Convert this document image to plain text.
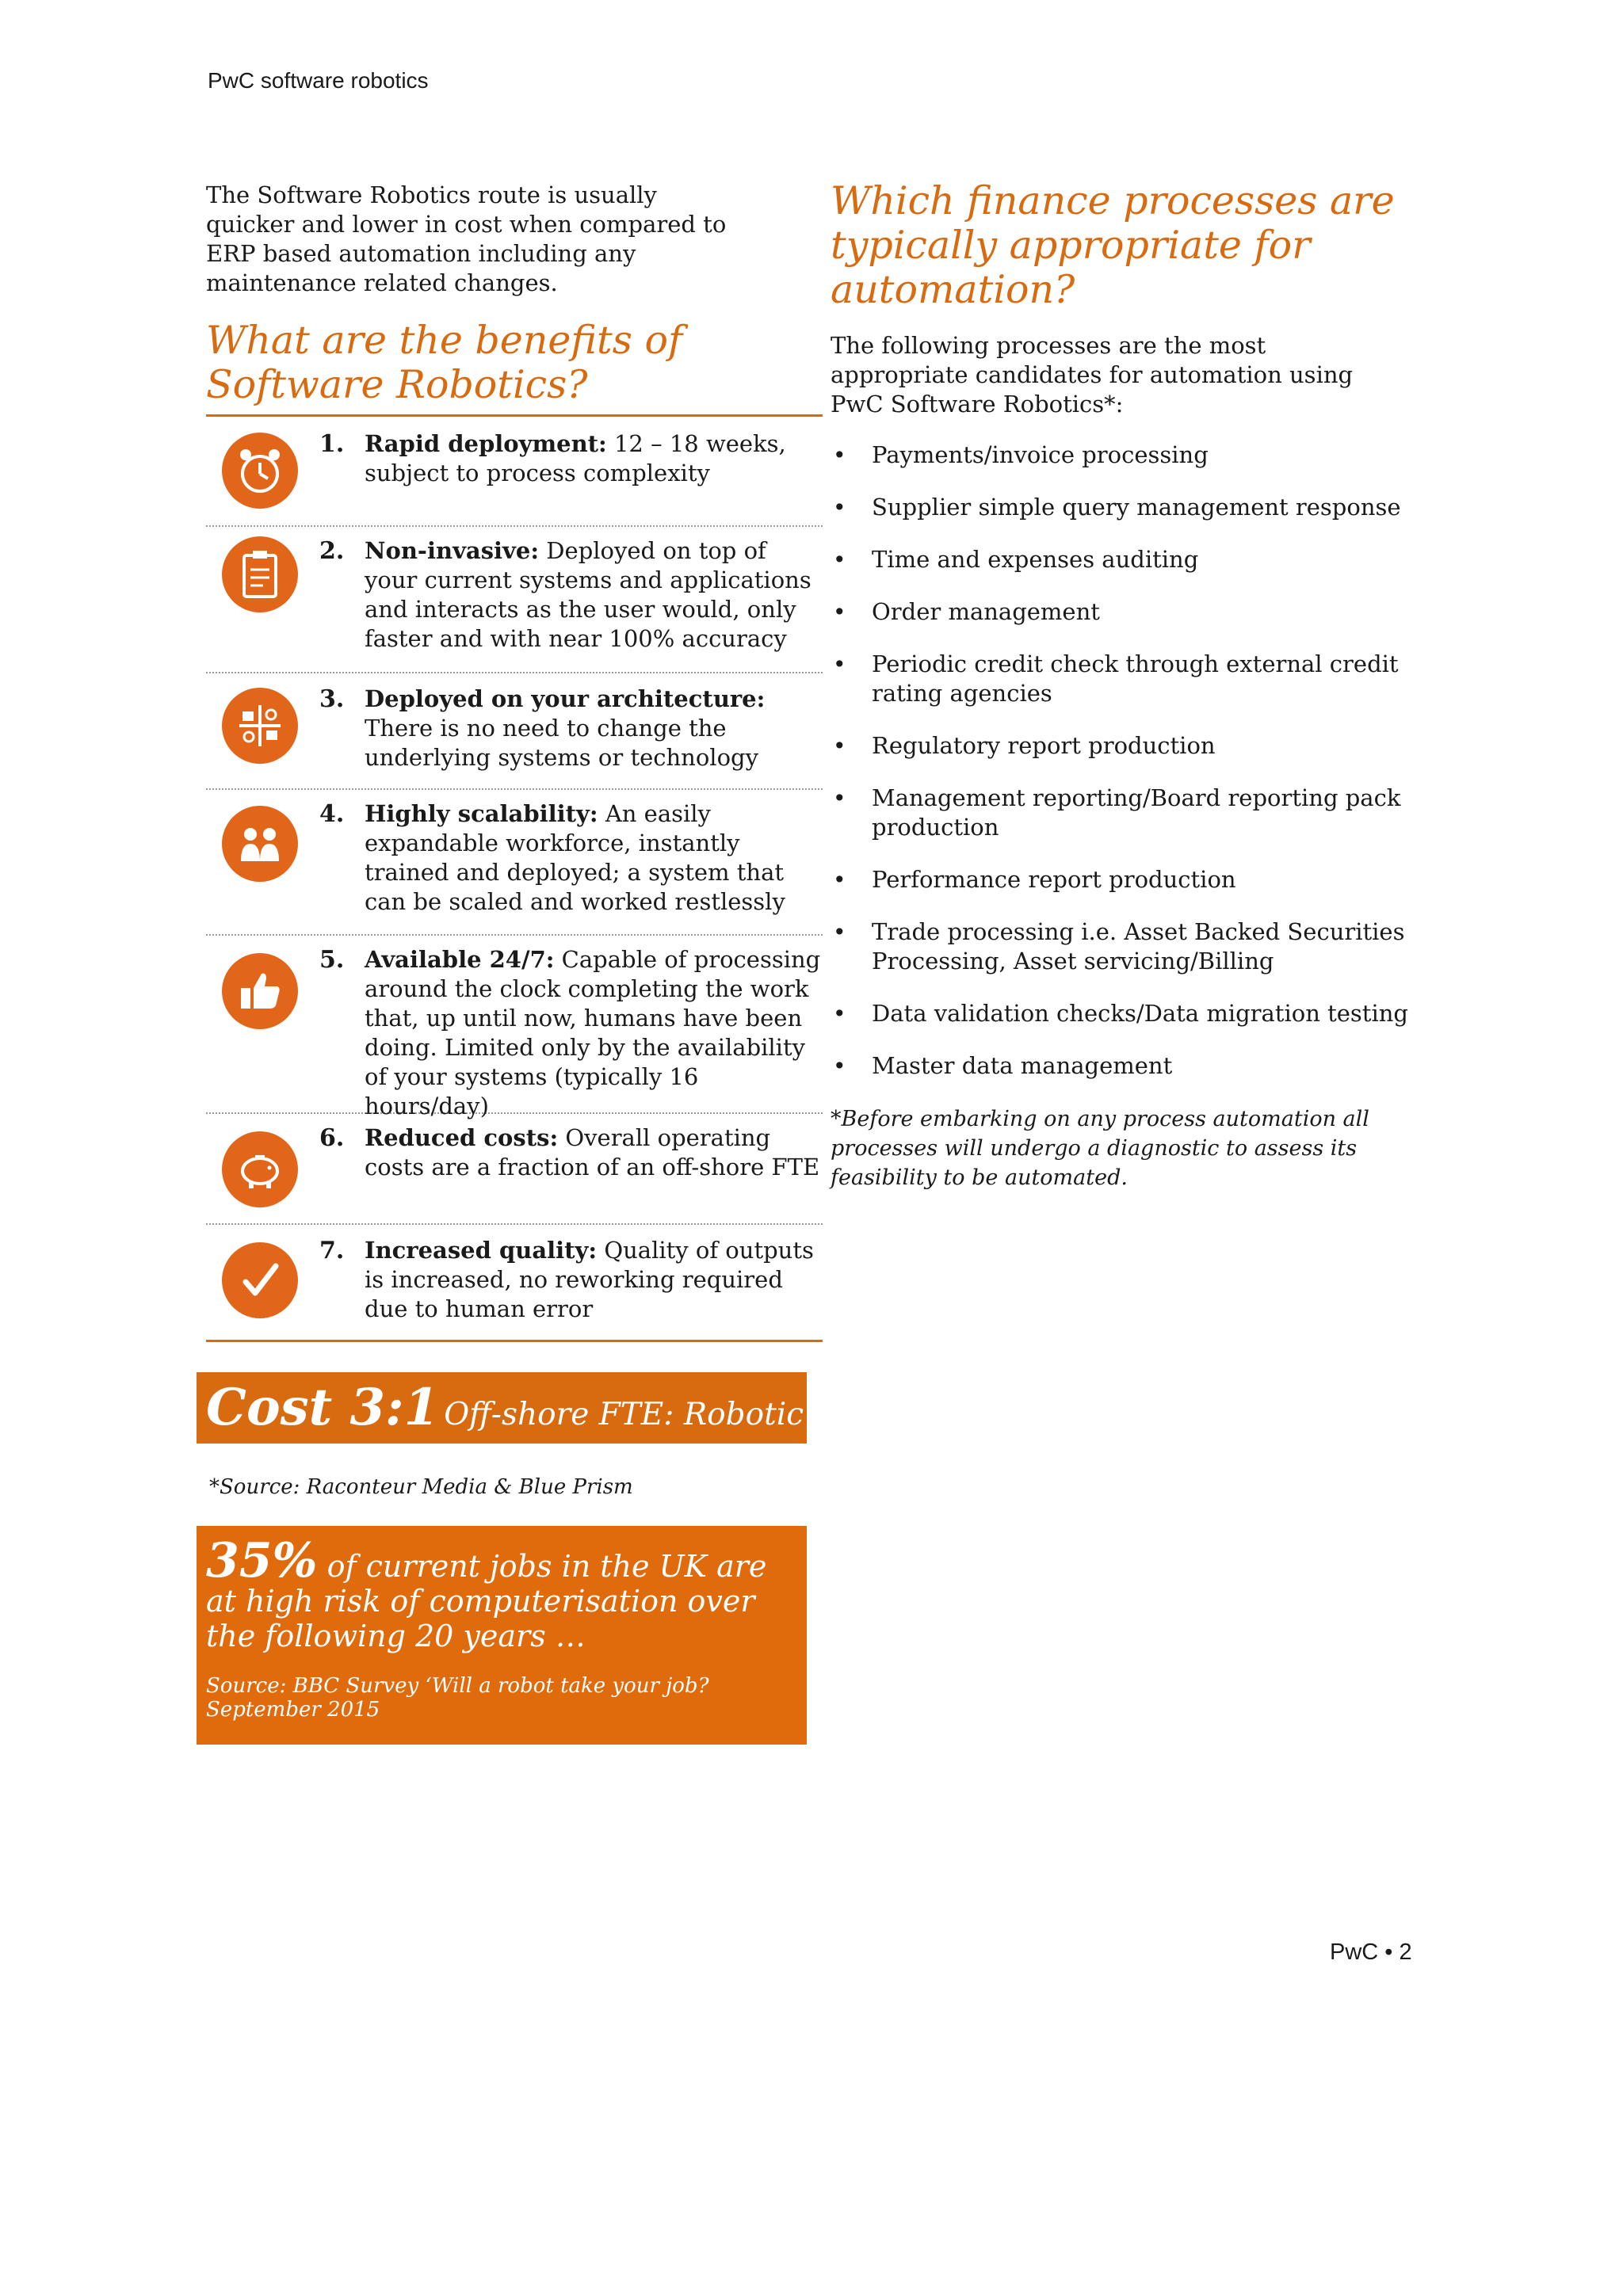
PwC software robotics
The Software Robotics route is usually quicker and lower in cost when compared to ERP based automation including any maintenance related changes.
What are the benefits of Software Robotics?
1. Rapid deployment: 12 – 18 weeks, subject to process complexity
2. Non-invasive: Deployed on top of your current systems and applications and interacts as the user would, only faster and with near 100% accuracy
3. Deployed on your architecture:
There is no need to change the underlying systems or technology
4. Highly scalability: An easily expandable workforce, instantly trained and deployed; a system that can be scaled and worked restlessly
5. Available 24/7: Capable of processing around the clock completing the work that, up until now, humans have been doing. Limited only by the availability of your systems (typically 16 hours/day)
6. Reduced costs: Overall operating costs are a fraction of an off-shore FTE
7. Increased quality: Quality of outputs is increased, no reworking required due to human error
Cost 3:1 Off-shore FTE: Robotic FTE
*Source: Raconteur Media & Blue Prism
35% of current jobs in the UK are at high risk of computerisation over the following 20 years …
Source: BBC Survey ‘Will a robot take your job? September 2015
Which finance processes are typically appropriate for automation?
The following processes are the most appropriate candidates for automation using PwC Software Robotics*:
• Payments/invoice processing
• Supplier simple query management response
• Time and expenses auditing
• Order management
• Periodic credit check through external credit rating agencies
• Regulatory report production
• Management reporting/Board reporting pack production
• Performance report production
• Trade processing i.e. Asset Backed Securities Processing, Asset servicing/Billing
• Data validation checks/Data migration testing
• Master data management
*Before embarking on any process automation all processes will undergo a diagnostic to assess its feasibility to be automated.
PwC • 2
